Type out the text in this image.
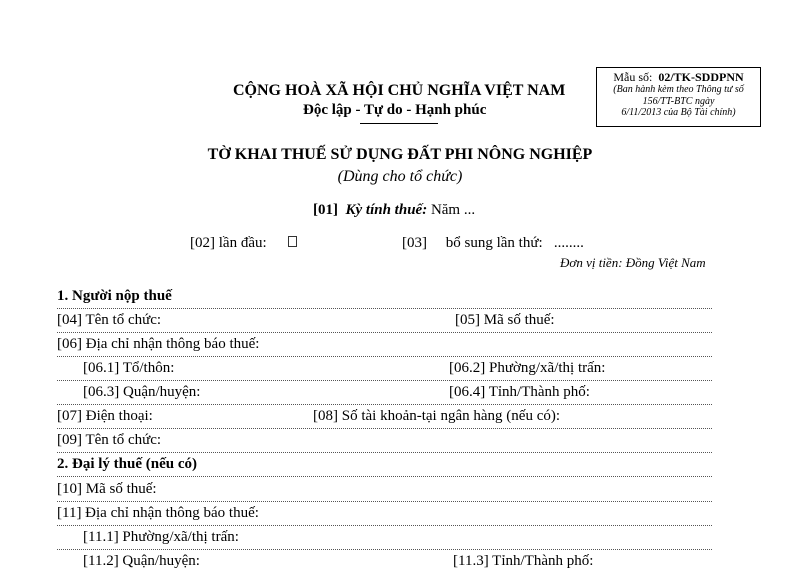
Mẫu số: 02/TK-SDDPNN
(Ban hành kèm theo Thông tư số
156/TT-BTC ngày
6/11/2013 của Bộ Tài chính)
CỘNG HOÀ XÃ HỘI CHỦ NGHĨA VIỆT NAM
Độc lập - Tự do - Hạnh phúc
TỜ KHAI THUẾ SỬ DỤNG ĐẤT PHI NÔNG NGHIỆP
(Dùng cho tổ chức)
[01] Kỳ tính thuế: Năm ...
[02] lần đầu:	[03] bổ sung lần thứ: ........
Đơn vị tiền: Đồng Việt Nam
1. Người nộp thuế
[04] Tên tổ chức:	[05] Mã số thuế:
[06] Địa chỉ nhận thông báo thuế:
[06.1] Tổ/thôn:	[06.2] Phường/xã/thị trấn:
[06.3] Quận/huyện:	[06.4] Tỉnh/Thành phố:
[07] Điện thoại:	[08] Số tài khoản-tại ngân hàng (nếu có):
[09] Tên tổ chức:
2. Đại lý thuế (nếu có)
[10] Mã số thuế:
[11] Địa chỉ nhận thông báo thuế:
[11.1] Phường/xã/thị trấn:
[11.2] Quận/huyện:	[11.3] Tỉnh/Thành phố:
